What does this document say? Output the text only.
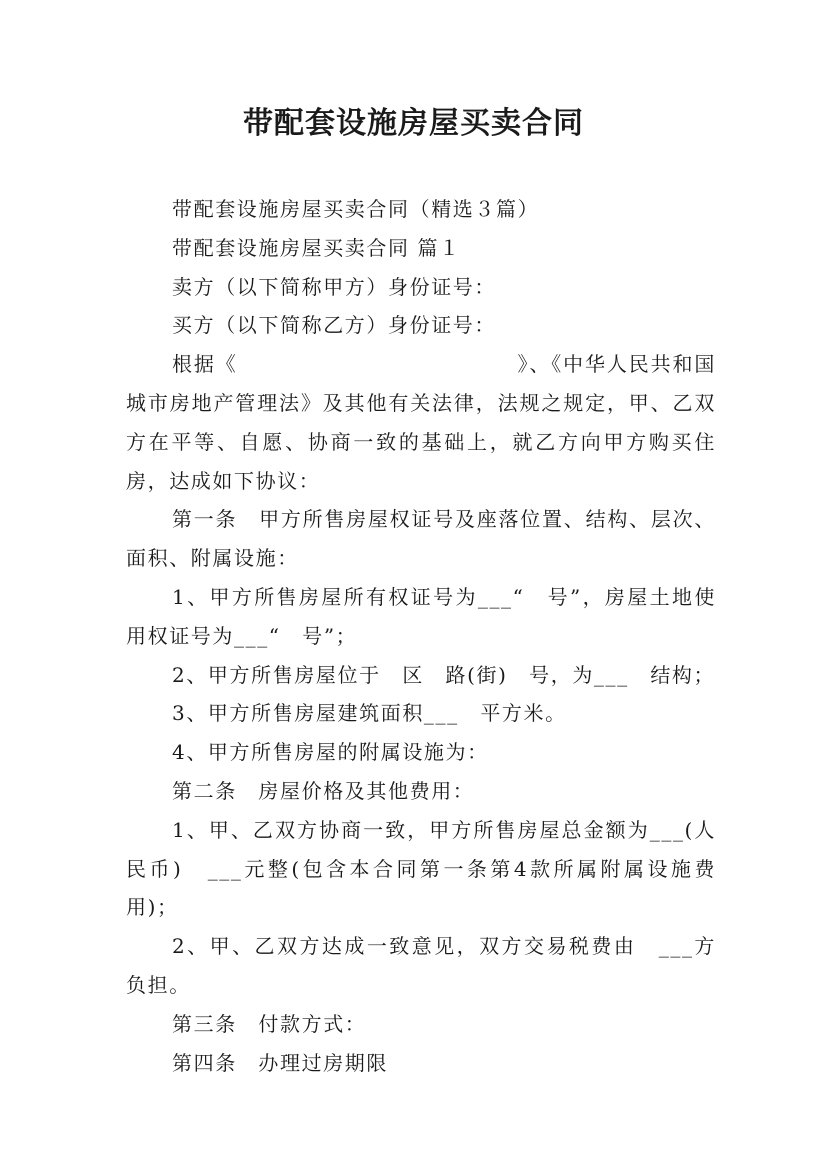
带配套设施房屋买卖合同

带配套设施房屋买卖合同（精选３篇）

带配套设施房屋买卖合同 篇１

卖方（以下简称甲方）身份证号：

买方（以下简称乙方）身份证号：

根据《                                  》、《中华人民共和国城市房地产管理法》及其他有关法律，法规之规定，甲、乙双方在平等、自愿、协商一致的基础上，就乙方向甲方购买住房，达成如下协议：

第一条　甲方所售房屋权证号及座落位置、结构、层次、面积、附属设施：

1、甲方所售房屋所有权证号为___“　号”，房屋土地使用权证号为___“　号”；

2、甲方所售房屋位于　区　路(街)　号，为___　结构；

3、甲方所售房屋建筑面积___　平方米。

4、甲方所售房屋的附属设施为：

第二条　房屋价格及其他费用：

1、甲、乙双方协商一致，甲方所售房屋总金额为___(人民币)　___元整(包含本合同第一条第4款所属附属设施费用)；

2、甲、乙双方达成一致意见，双方交易税费由　___方负担。

第三条　付款方式：

第四条　办理过房期限
